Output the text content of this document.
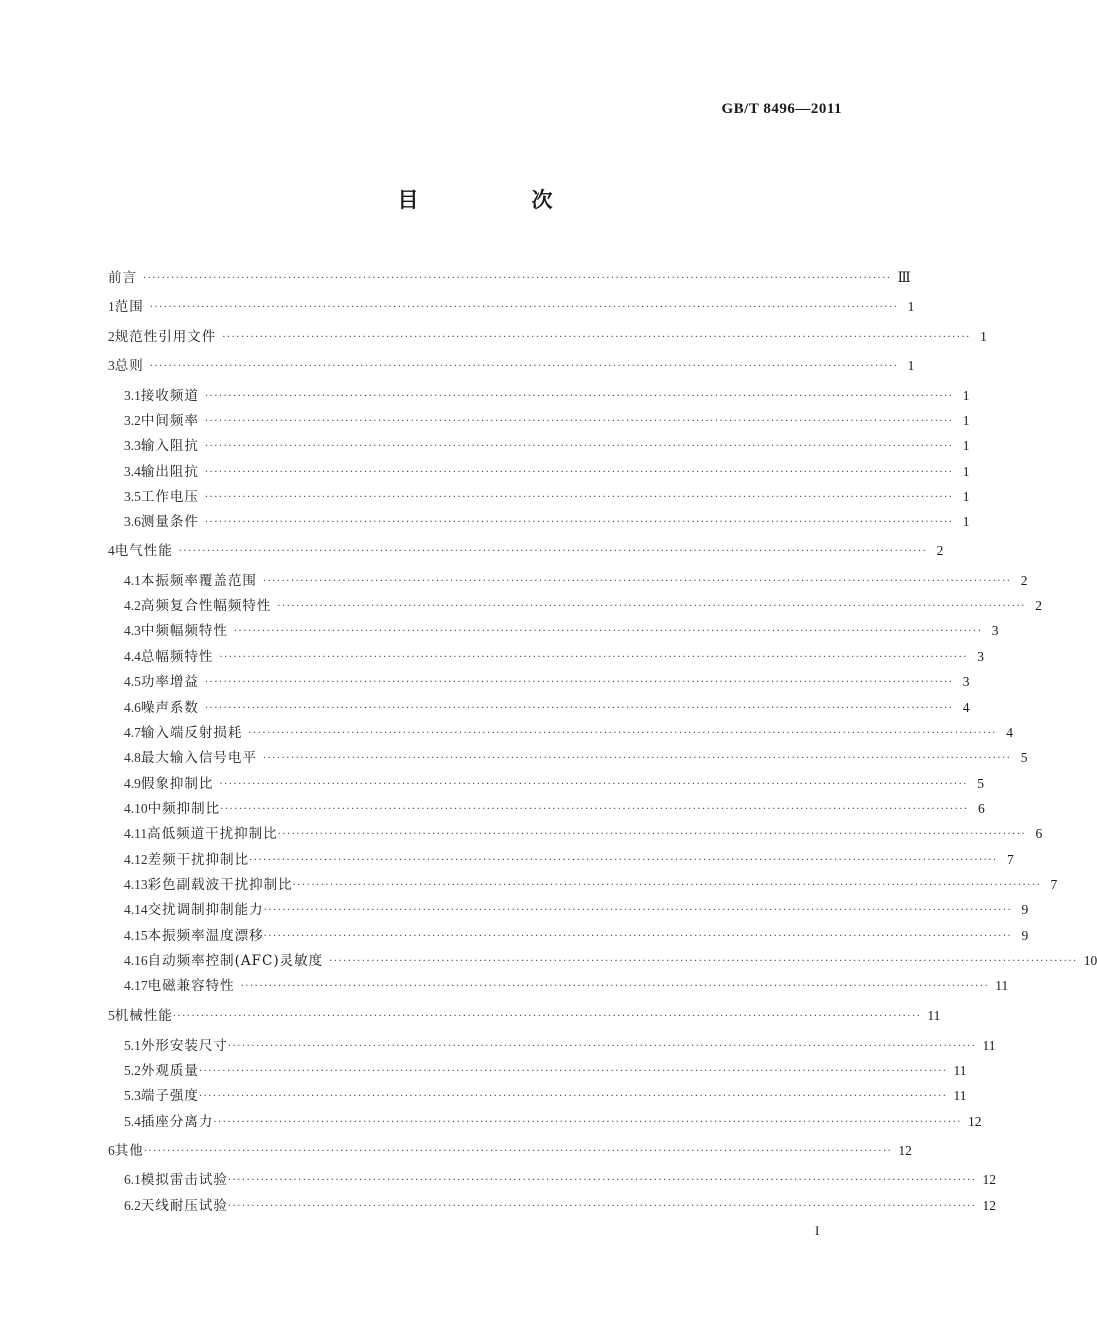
GB/T 8496—2011
目　次
前言 ································································································································································ Ⅲ
1 范围 ································································································································································ 1
2 规范性引用文件 ································································································································································ 1
3 总则 ································································································································································ 1
3.1 接收频道 ································································································································································ 1
3.2 中间频率 ································································································································································ 1
3.3 输入阻抗 ································································································································································ 1
3.4 输出阻抗 ································································································································································ 1
3.5 工作电压 ································································································································································ 1
3.6 测量条件 ································································································································································ 1
4 电气性能 ································································································································································ 2
4.1 本振频率覆盖范围 ································································································································································ 2
4.2 高频复合性幅频特性 ································································································································································ 2
4.3 中频幅频特性 ································································································································································ 3
4.4 总幅频特性 ································································································································································ 3
4.5 功率增益 ································································································································································ 3
4.6 噪声系数 ································································································································································ 4
4.7 输入端反射损耗 ································································································································································ 4
4.8 最大输入信号电平 ································································································································································ 5
4.9 假象抑制比 ································································································································································ 5
4.10 中频抑制比 ································································································································································ 6
4.11 高低频道干扰抑制比 ································································································································································ 6
4.12 差频干扰抑制比 ································································································································································ 7
4.13 彩色副载波干扰抑制比 ································································································································································ 7
4.14 交扰调制抑制能力 ································································································································································ 9
4.15 本振频率温度漂移 ································································································································································ 9
4.16 自动频率控制(AFC)灵敏度 ································································································································································ 10
4.17 电磁兼容特性 ································································································································································ 11
5 机械性能 ································································································································································ 11
5.1 外形安装尺寸 ································································································································································ 11
5.2 外观质量 ································································································································································ 11
5.3 端子强度 ································································································································································ 11
5.4 插座分离力 ································································································································································ 12
6 其他 ································································································································································ 12
6.1 模拟雷击试验 ································································································································································ 12
6.2 天线耐压试验 ································································································································································ 12
I
